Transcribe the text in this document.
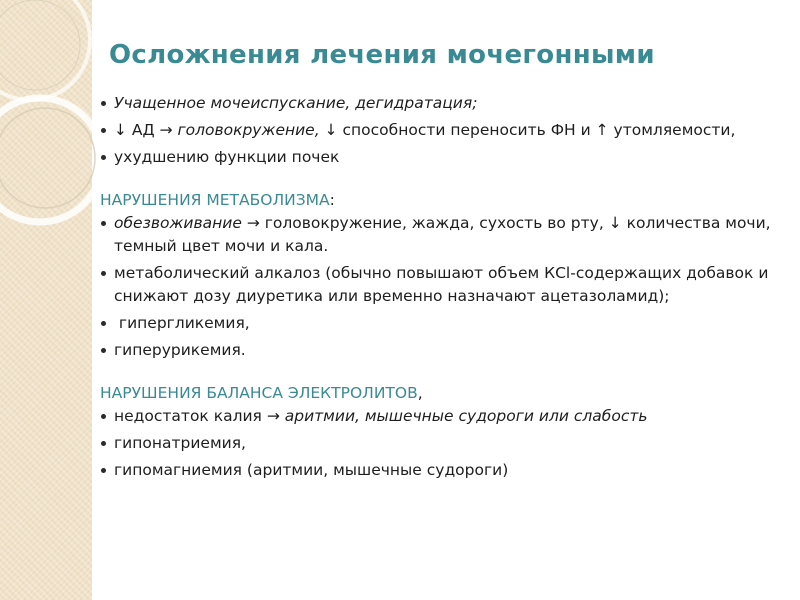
Осложнения лечения мочегонными
Учащенное мочеиспускание, дегидратация;
↓ АД → головокружение, ↓ способности переносить ФН и ↑ утомляемости,
ухудшению функции почек

НАРУШЕНИЯ МЕТАБОЛИЗМА:

обезвоживание → головокружение, жажда, сухость во рту, ↓ количества мочи, темный цвет мочи и кала.
метаболический алкалоз (обычно повышают объем КCl-содержащих добавок и снижают дозу диуретика или временно назначают ацетазоламид);
гипергликемия,
гиперурикемия.

НАРУШЕНИЯ БАЛАНСА ЭЛЕКТРОЛИТОВ,

недостаток калия → аритмии, мышечные судороги или слабость
гипонатриемия,
гипомагниемия (аритмии, мышечные судороги)
